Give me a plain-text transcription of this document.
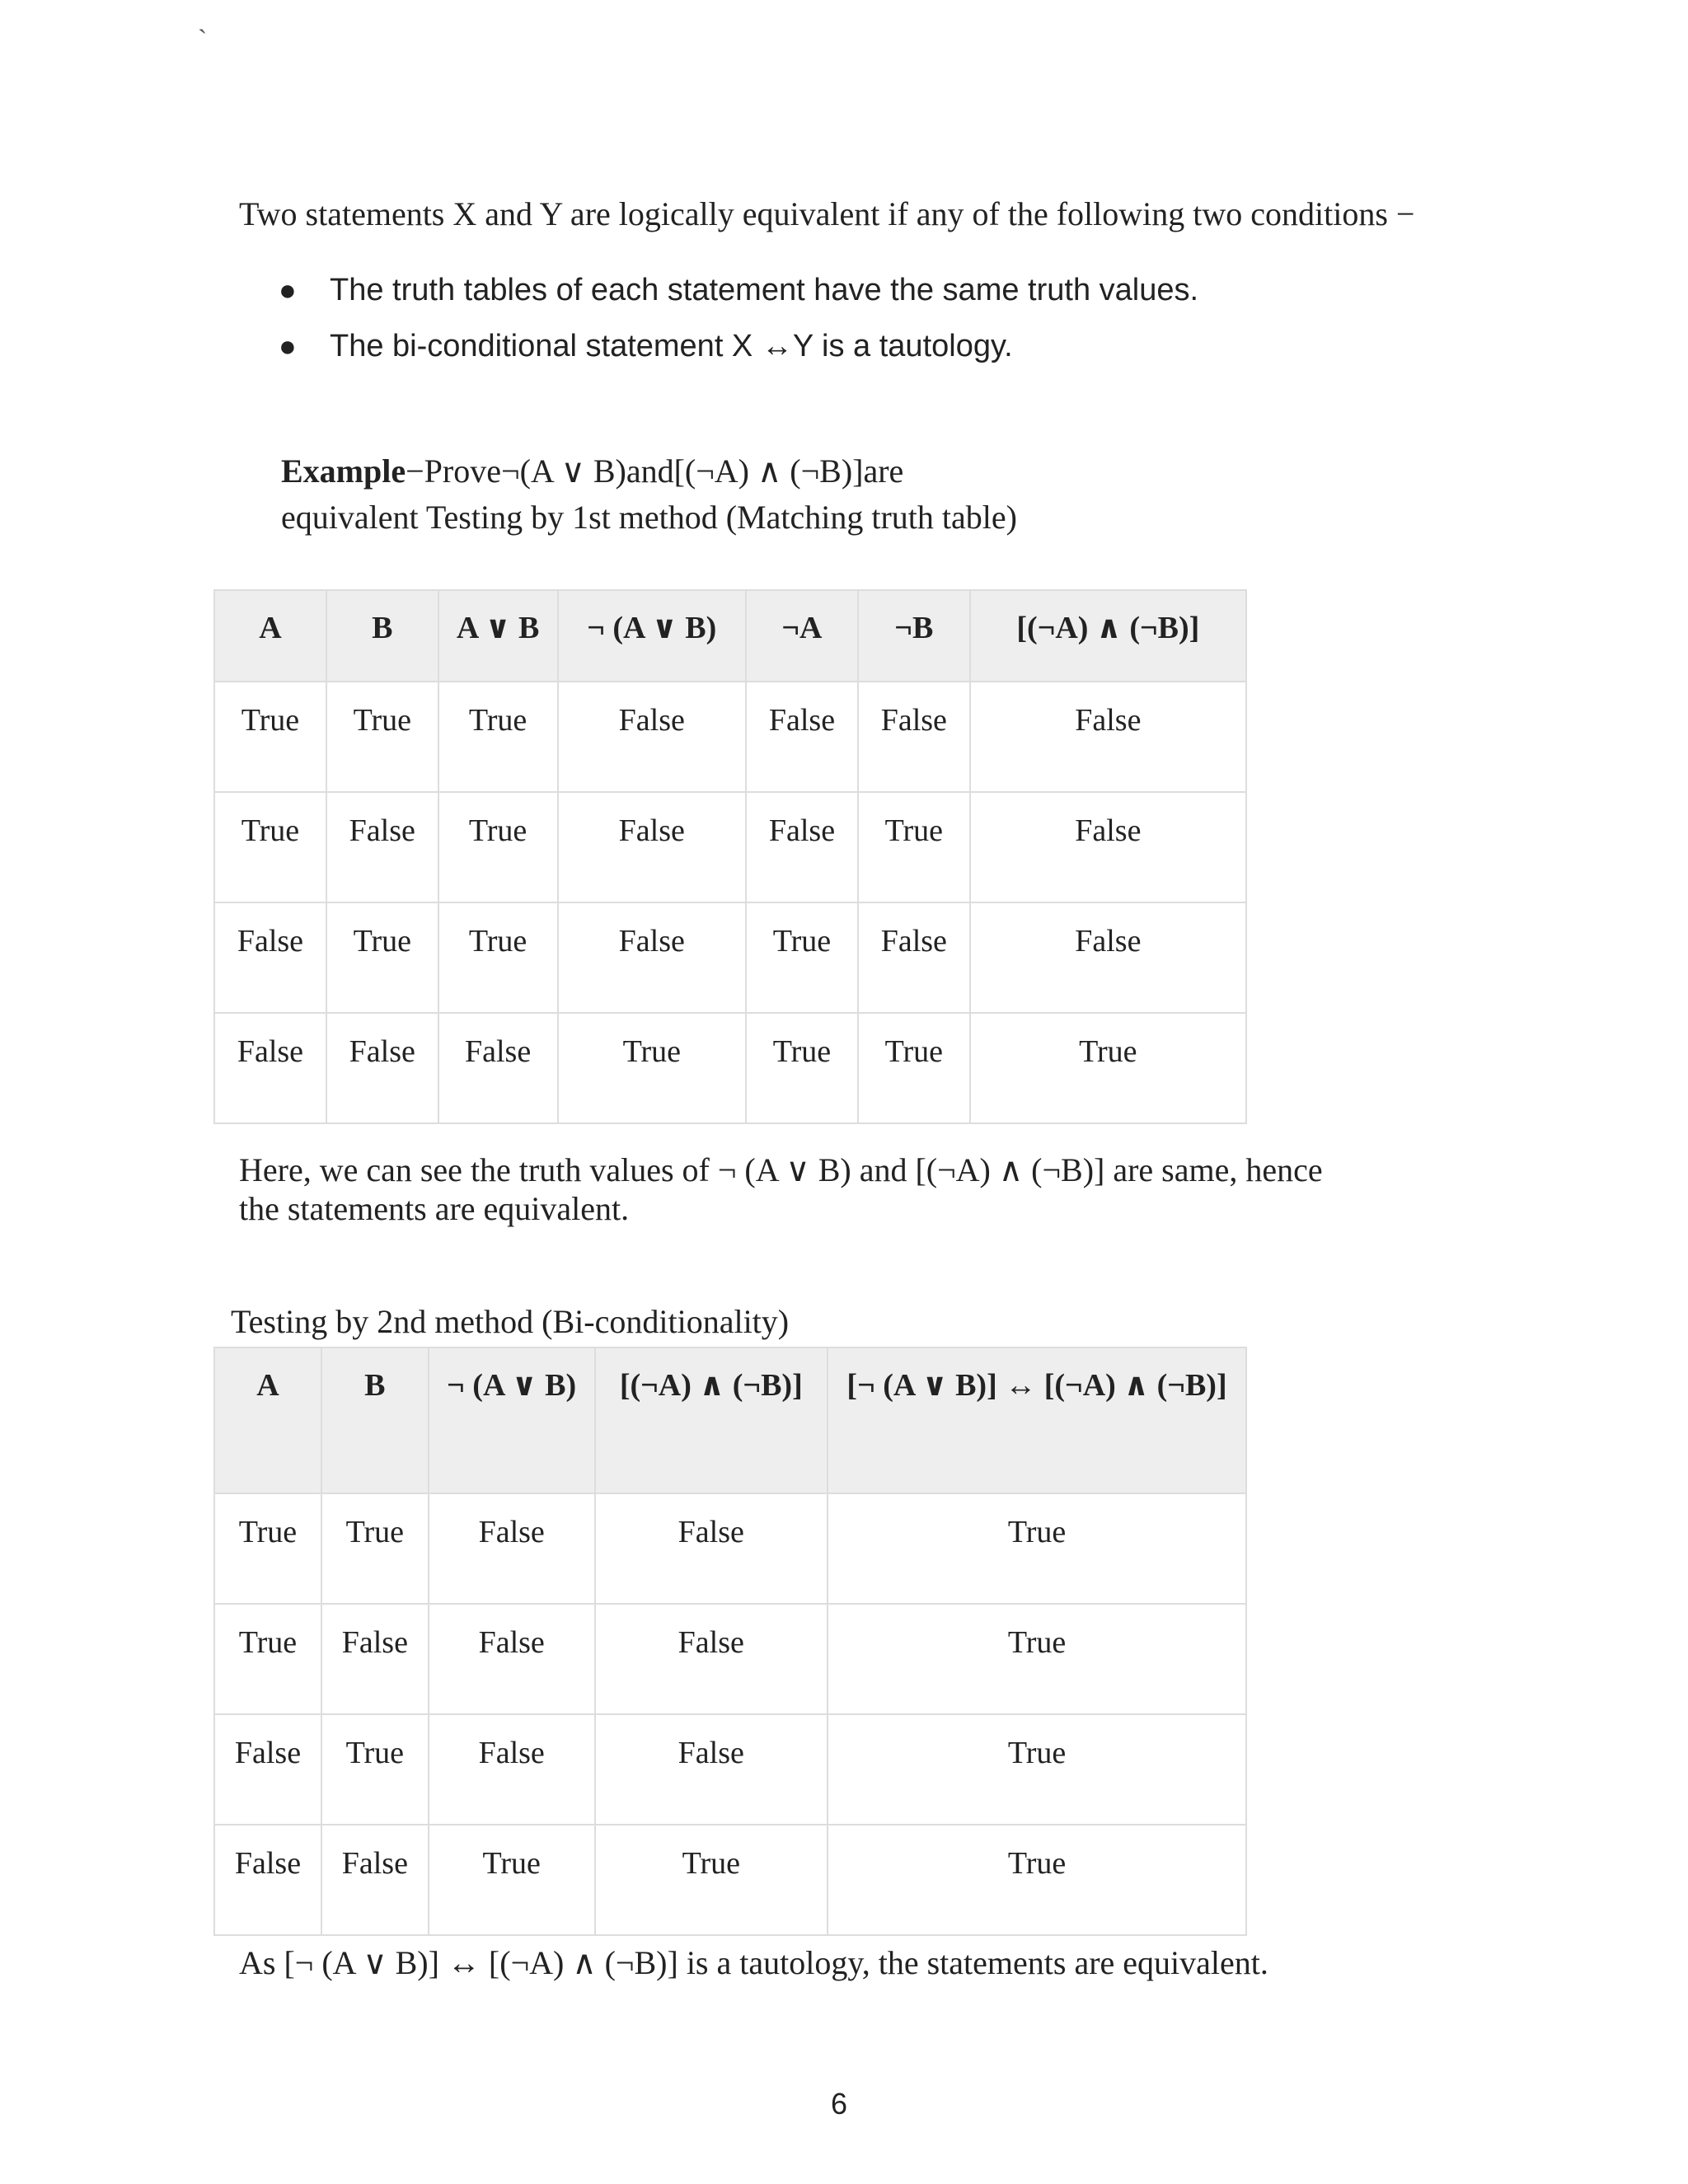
`
Two statements X and Y are logically equivalent if any of the following two conditions −
● The truth tables of each statement have the same truth values.
● The bi-conditional statement X ↔Y is a tautology.
Example−Prove¬(A ∨ B)and[(¬A) ∧ (¬B)]are equivalent Testing by 1st method (Matching truth table)
A	B	A ∨ B	¬ (A ∨ B)	¬A	¬B	[(¬A) ∧ (¬B)]
True	True	True	False	False	False	False
True	False	True	False	False	True	False
False	True	True	False	True	False	False
False	False	False	True	True	True	True
Here, we can see the truth values of ¬ (A ∨ B) and [(¬A) ∧ (¬B)] are same, hence the statements are equivalent.
Testing by 2nd method (Bi-conditionality)
A	B	¬ (A ∨ B)	[(¬A) ∧ (¬B)]	[¬ (A ∨ B)] ↔ [(¬A) ∧ (¬B)]
True	True	False	False	True
True	False	False	False	True
False	True	False	False	True
False	False	True	True	True
As [¬ (A ∨ B)] ↔ [(¬A) ∧ (¬B)] is a tautology, the statements are equivalent.
6
